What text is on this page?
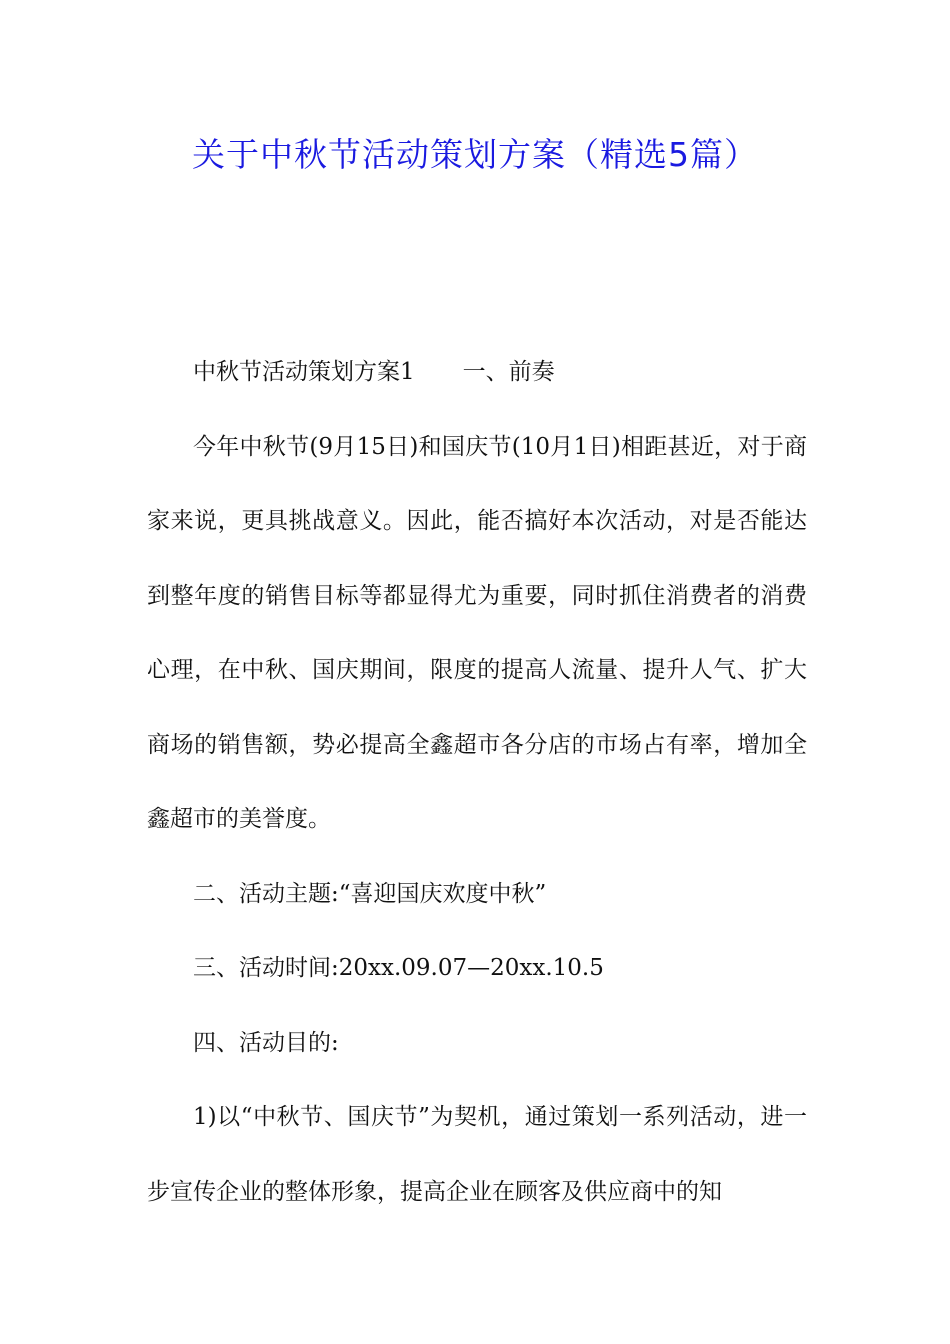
关于中秋节活动策划方案（精选5篇）

中秋节活动策划方案1 一、前奏

今年中秋节(9月15日)和国庆节(10月1日)相距甚近，对于商家来说，更具挑战意义。因此，能否搞好本次活动，对是否能达到整年度的销售目标等都显得尤为重要，同时抓住消费者的消费心理，在中秋、国庆期间，限度的提高人流量、提升人气、扩大商场的销售额，势必提高全鑫超市各分店的市场占有率，增加全鑫超市的美誉度。

二、活动主题:“喜迎国庆欢度中秋”

三、活动时间:20xx.09.07—20xx.10.5

四、活动目的:

1)以“中秋节、国庆节”为契机，通过策划一系列活动，进一步宣传企业的整体形象，提高企业在顾客及供应商中的知
